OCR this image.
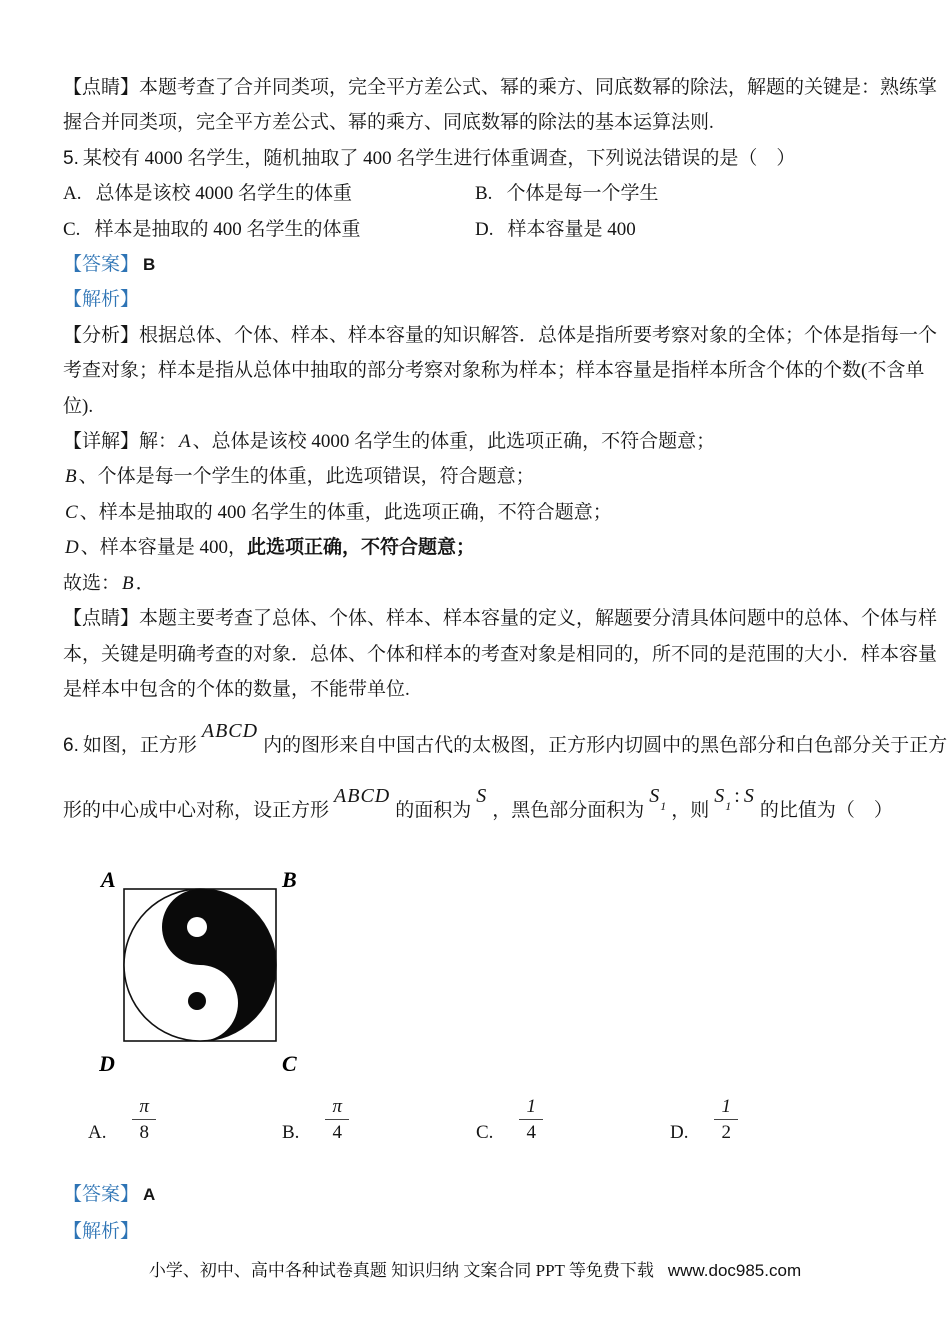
【点睛】本题考查了合并同类项，完全平方差公式、幂的乘方、同底数幂的除法，解题的关键是：熟练掌
握合并同类项，完全平方差公式、幂的乘方、同底数幂的除法的基本运算法则.
5. 某校有 4000 名学生，随机抽取了 400 名学生进行体重调查，下列说法错误的是（　）
A. 总体是该校 4000 名学生的体重	B. 个体是每一个学生
C. 样本是抽取的 400 名学生的体重	D. 样本容量是 400
【答案】 B
【解析】
【分析】根据总体、个体、样本、样本容量的知识解答．总体是指所要考察对象的全体；个体是指每一个
考查对象；样本是指从总体中抽取的部分考察对象称为样本；样本容量是指样本所含个体的个数(不含单
位).
【详解】解： A 、总体是该校 4000 名学生的体重，此选项正确，不符合题意；
B 、个体是每一个学生的体重，此选项错误，符合题意；
C 、样本是抽取的 400 名学生的体重，此选项正确，不符合题意；
D 、样本容量是 400，此选项正确，不符合题意；
故选： B ．
【点睛】本题主要考查了总体、个体、样本、样本容量的定义，解题要分清具体问题中的总体、个体与样
本，关键是明确考查的对象．总体、个体和样本的考查对象是相同的，所不同的是范围的大小．样本容量
是样本中包含的个体的数量，不能带单位.
6. 如图，正方形ABCD内的图形来自中国古代的太极图，正方形内切圆中的黑色部分和白色部分关于正方
形的中心成中心对称，设正方形ABCD的面积为S，黑色部分面积为$S_1$ ，则$S_1$ : S的比值为（　）
A	B
D	C
A. $\frac{\pi}{8}$	B. $\frac{\pi}{4}$	C. $\frac{1}{4}$	D. $\frac{1}{2}$
【答案】 A
【解析】
小学、初中、高中各种试卷真题 知识归纳 文案合同 PPT 等免费下载 www.doc985.com
